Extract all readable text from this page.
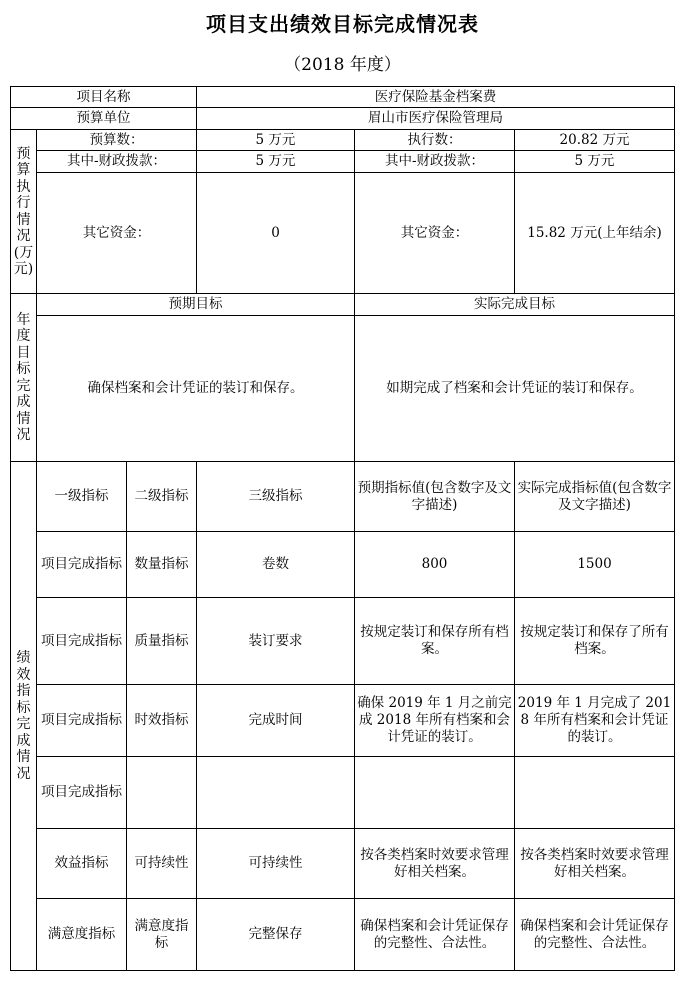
项目支出绩效目标完成情况表
（2018 年度）
项目名称			医疗保险基金档案费		
预算单位			眉山市医疗保险管理局		
预算执行情况(万元)	预算数：		5 万元	执行数：	20.82 万元
	其中-财政拨款：		5 万元	其中-财政拨款：	5 万元
	其它资金：		0	其它资金：	15.82 万元(上年结余)
年度目标完成情况	预期目标			实际完成目标	
	确保档案和会计凭证的装订和保存。			如期完成了档案和会计凭证的装订和保存。	
绩效指标完成情况	一级指标	二级指标	三级指标	预期指标值(包含数字及文字描述)	实际完成指标值(包含数字及文字描述)
	项目完成指标	数量指标	卷数	800	1500
	项目完成指标	质量指标	装订要求	按规定装订和保存所有档案。	按规定装订和保存了所有档案。
	项目完成指标	时效指标	完成时间	确保 2019 年 1 月之前完成 2018 年所有档案和会计凭证的装订。	2019 年 1 月完成了 2018 年所有档案和会计凭证的装订。
	项目完成指标				
	效益指标	可持续性	可持续性	按各类档案时效要求管理好相关档案。	按各类档案时效要求管理好相关档案。
	满意度指标	满意度指标	完整保存	确保档案和会计凭证保存的完整性、合法性。	确保档案和会计凭证保存的完整性、合法性。
